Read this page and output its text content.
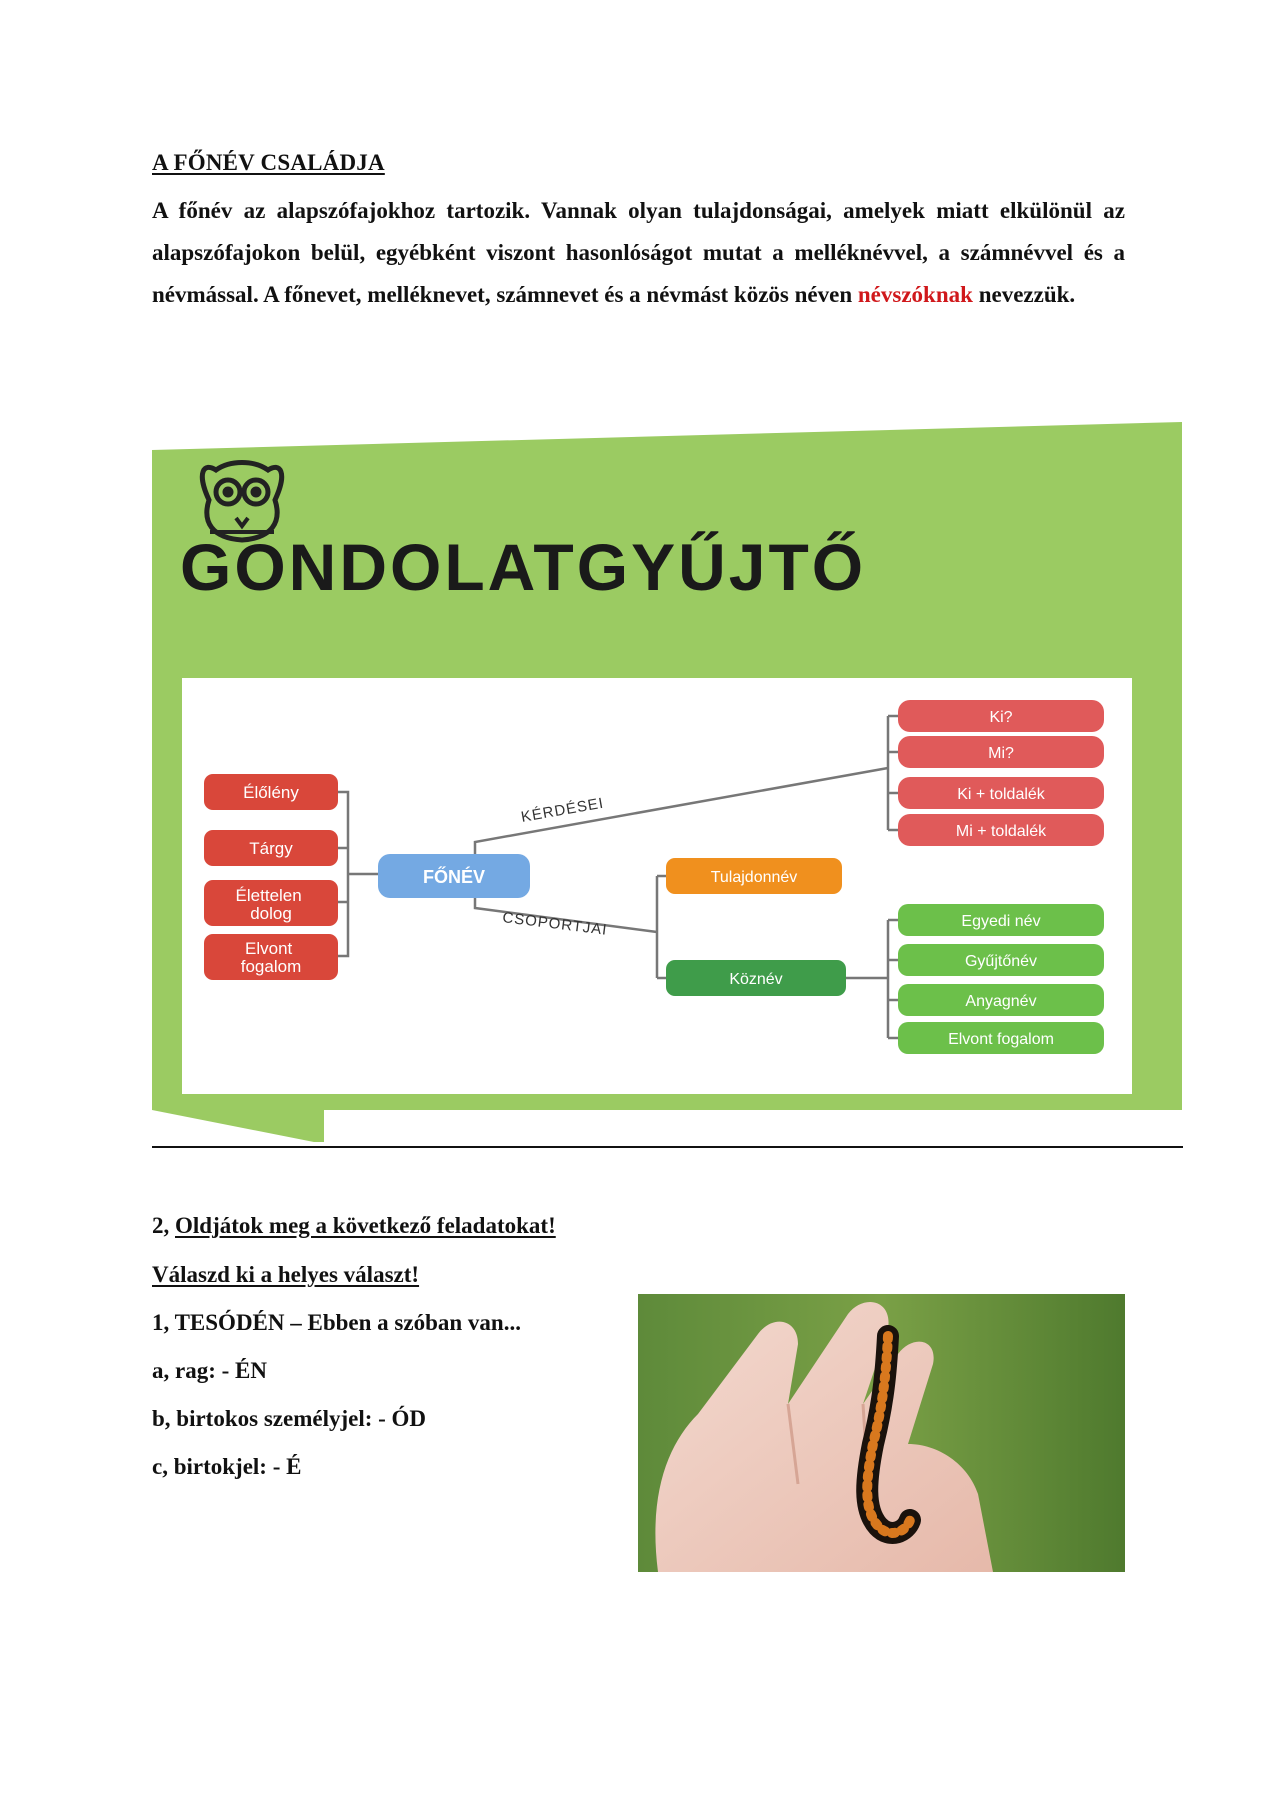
A FŐNÉV CSALÁDJA
A főnév az alapszófajokhoz tartozik. Vannak olyan tulajdonságai, amelyek miatt elkülönül az alapszófajokon belül, egyébként viszont hasonlóságot mutat a melléknévvel, a számnévvel és a névmással. A főnevet, melléknevet, számnevet és a névmást közös néven névszóknak nevezzük.
GONDOLATGYŰJTŐ
Élőlény
Tárgy
Élettelen dolog
Elvont fogalom
FŐNÉV
KÉRDÉSEI
CSOPORTJAI
Ki?
Mi?
Ki + toldalék
Mi + toldalék
Tulajdonnév
Köznév
Egyedi név
Gyűjtőnév
Anyagnév
Elvont fogalom
2, Oldjátok meg a következő feladatokat!
Válaszd ki a helyes választ!
1, TESÓDÉN – Ebben a szóban van...
a, rag: - ÉN
b, birtokos személyjel: - ÓD
c, birtokjel: - É
